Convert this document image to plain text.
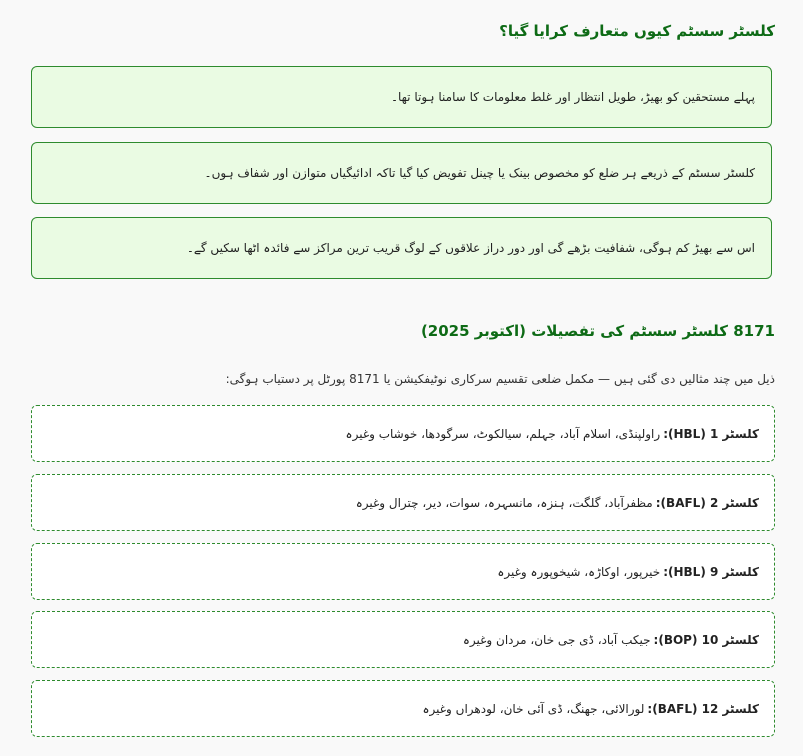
کلسٹر سسٹم کیوں متعارف کرایا گیا؟
پہلے مستحقین کو بھیڑ، طویل انتظار اور غلط معلومات کا سامنا ہوتا تھا۔
کلسٹر سسٹم کے ذریعے ہر ضلع کو مخصوص بینک یا چینل تفویض کیا گیا تاکہ ادائیگیاں متوازن اور شفاف ہوں۔
اس سے بھیڑ کم ہوگی، شفافیت بڑھے گی اور دور دراز علاقوں کے لوگ قریب ترین مراکز سے فائدہ اٹھا سکیں گے۔
8171 کلسٹر سسٹم کی تفصیلات (اکتوبر 2025)
ذیل میں چند مثالیں دی گئی ہیں — مکمل ضلعی تقسیم سرکاری نوٹیفکیشن یا 8171 پورٹل پر دستیاب ہوگی:
کلسٹر 1 (HBL):
راولپنڈی، اسلام آباد، جہلم، سیالکوٹ، سرگودھا، خوشاب وغیرہ
کلسٹر 2 (BAFL):
مظفرآباد، گلگت، ہنزہ، مانسہرہ، سوات، دیر، چترال وغیرہ
کلسٹر 9 (HBL):
خیرپور، اوکاڑہ، شیخوپورہ وغیرہ
کلسٹر 10 (BOP):
جیکب آباد، ڈی جی خان، مردان وغیرہ
کلسٹر 12 (BAFL):
لورالائی، جھنگ، ڈی آئی خان، لودھراں وغیرہ
